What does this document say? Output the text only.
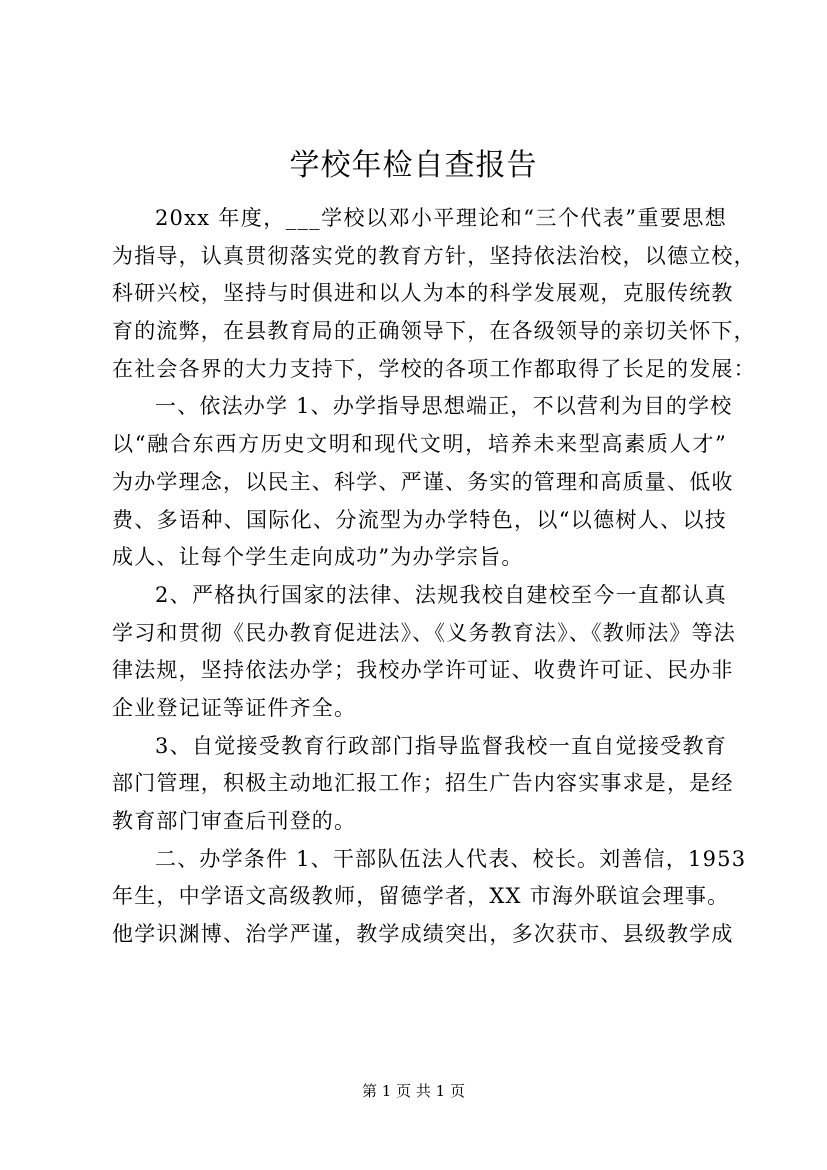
学校年检自查报告
20xx 年度，___学校以邓小平理论和“三个代表”重要思想
为指导，认真贯彻落实党的教育方针，坚持依法治校，以德立校，
科研兴校，坚持与时俱进和以人为本的科学发展观，克服传统教
育的流弊，在县教育局的正确领导下，在各级领导的亲切关怀下，
在社会各界的大力支持下，学校的各项工作都取得了长足的发展：
一、依法办学 1、办学指导思想端正，不以营利为目的学校
以“融合东西方历史文明和现代文明，培养未来型高素质人才”
为办学理念，以民主、科学、严谨、务实的管理和高质量、低收
费、多语种、国际化、分流型为办学特色，以“以德树人、以技
成人、让每个学生走向成功”为办学宗旨。
2、严格执行国家的法律、法规我校自建校至今一直都认真
学习和贯彻《民办教育促进法》、《义务教育法》、《教师法》等法
律法规，坚持依法办学；我校办学许可证、收费许可证、民办非
企业登记证等证件齐全。
3、自觉接受教育行政部门指导监督我校一直自觉接受教育
部门管理，积极主动地汇报工作；招生广告内容实事求是，是经
教育部门审查后刊登的。
二、办学条件 1、干部队伍法人代表、校长。刘善信，1953
年生，中学语文高级教师，留德学者，XX 市海外联谊会理事。
他学识渊博、治学严谨，教学成绩突出，多次获市、县级教学成
第 1 页 共 1 页
